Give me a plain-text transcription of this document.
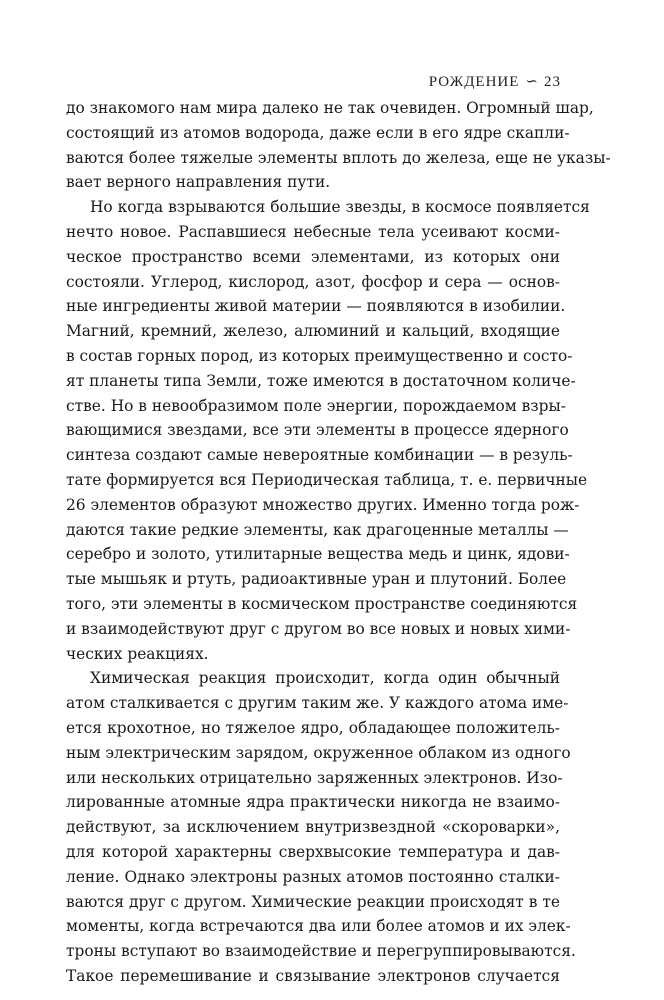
РОЖДЕНИЕ ∽ 23
до знакомого нам мира далеко не так очевиден. Огромный шар,
состоящий из атомов водорода, даже если в его ядре скапли-
ваются более тяжелые элементы вплоть до железа, еще не указы-
вает верного направления пути.
Но когда взрываются большие звезды, в космосе появляется
нечто новое. Распавшиеся небесные тела усеивают косми-
ческое пространство всеми элементами, из которых они
состояли. Углерод, кислород, азот, фосфор и сера — основ-
ные ингредиенты живой материи — появляются в изобилии.
Магний, кремний, железо, алюминий и кальций, входящие
в состав горных пород, из которых преимущественно и состо-
ят планеты типа Земли, тоже имеются в достаточном количе-
стве. Но в невообразимом поле энергии, порождаемом взры-
вающимися звездами, все эти элементы в процессе ядерного
синтеза создают самые невероятные комбинации — в резуль-
тате формируется вся Периодическая таблица, т. е. первичные
26 элементов образуют множество других. Именно тогда рож-
даются такие редкие элементы, как драгоценные металлы —
серебро и золото, утилитарные вещества медь и цинк, ядови-
тые мышьяк и ртуть, радиоактивные уран и плутоний. Более
того, эти элементы в космическом пространстве соединяются
и взаимодействуют друг с другом во все новых и новых хими-
ческих реакциях.
Химическая реакция происходит, когда один обычный
атом сталкивается с другим таким же. У каждого атома име-
ется крохотное, но тяжелое ядро, обладающее положитель-
ным электрическим зарядом, окруженное облаком из одного
или нескольких отрицательно заряженных электронов. Изо-
лированные атомные ядра практически никогда не взаимо-
действуют, за исключением внутризвездной «скороварки»,
для которой характерны сверхвысокие температура и дав-
ление. Однако электроны разных атомов постоянно сталки-
ваются друг с другом. Химические реакции происходят в те
моменты, когда встречаются два или более атомов и их элек-
троны вступают во взаимодействие и перегруппировываются.
Такое перемешивание и связывание электронов случается
